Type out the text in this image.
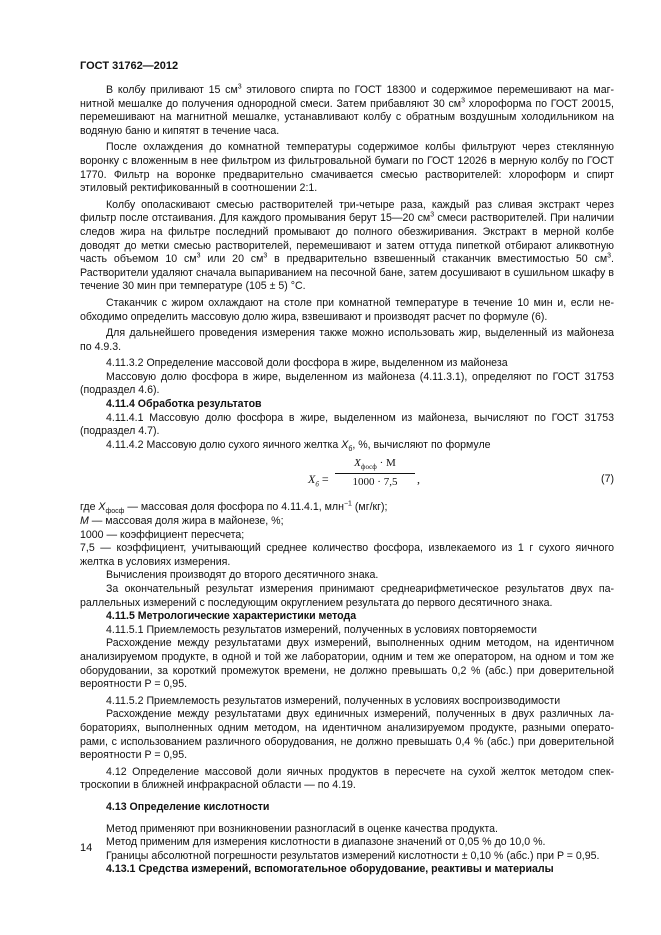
ГОСТ 31762—2012

В колбу приливают 15 $см^3$ этилового спирта по ГОСТ 18300 и содержимое перемешивают на магнитной мешалке до получения однородной смеси. Затем прибавляют 30 $см^3$ хлороформа по ГОСТ 20015, перемешивают на магнитной мешалке, устанавливают колбу с обратным воздушным холодильником на водяную баню и кипятят в течение часа.

После охлаждения до комнатной температуры содержимое колбы фильтруют через стеклянную воронку с вложенным в нее фильтром из фильтровальной бумаги по ГОСТ 12026 в мерную колбу по ГОСТ 1770. Фильтр на воронке предварительно смачивается смесью растворителей: хлороформ и спирт этиловый ректификованный в соотношении 2:1.

Колбу ополаскивают смесью растворителей три-четыре раза, каждый раз сливая экстракт через фильтр после отстаивания. Для каждого промывания берут 15—20 $см^3$ смеси растворителей. При наличии следов жира на фильтре последний промывают до полного обезжиривания. Экстракт в мерной колбе доводят до метки смесью растворителей, перемешивают и затем оттуда пипеткой отбирают аликвотную часть объемом 10 $см^3$ или 20 $см^3$ в предварительно взвешенный стаканчик вместимостью 50 $см^3$. Растворители удаляют сначала выпариванием на песочной бане, затем досушивают в сушильном шкафу в течение 30 мин при температуре (105 ± 5) °С.

Стаканчик с жиром охлаждают на столе при комнатной температуре в течение 10 мин и, если необходимо определить массовую долю жира, взвешивают и производят расчет по формуле (6).

Для дальнейшего проведения измерения также можно использовать жир, выделенный из майонеза по 4.9.3.

4.11.3.2 Определение массовой доли фосфора в жире, выделенном из майонеза

Массовую долю фосфора в жире, выделенном из майонеза (4.11.3.1), определяют по ГОСТ 31753 (подраздел 4.6).

4.11.4 Обработка результатов

4.11.4.1 Массовую долю фосфора в жире, выделенном из майонеза, вычисляют по ГОСТ 31753 (подраздел 4.7).

4.11.4.2 Массовую долю сухого яичного желтка $X_б$, %, вычисляют по формуле

$X_б$ =
$X_{фосф} \cdot M$
1000 · 7,5	,	(7)

где $X_{фосф}$ — массовая доля фосфора по 4.11.4.1, млн$^{-1}$ (мг/кг);

M — массовая доля жира в майонезе, %;

1000 — коэффициент пересчета;

7,5 — коэффициент, учитывающий среднее количество фосфора, извлекаемого из 1 г сухого яичного желтка в условиях измерения.

Вычисления производят до второго десятичного знака.

За окончательный результат измерения принимают среднеарифметическое результатов двух параллельных измерений с последующим округлением результата до первого десятичного знака.

4.11.5 Метрологические характеристики метода

4.11.5.1 Приемлемость результатов измерений, полученных в условиях повторяемости

Расхождение между результатами двух измерений, выполненных одним методом, на идентичном анализируемом продукте, в одной и той же лаборатории, одним и тем же оператором, на одном и том же оборудовании, за короткий промежуток времени, не должно превышать 0,2 % (абс.) при доверительной вероятности P = 0,95.

4.11.5.2 Приемлемость результатов измерений, полученных в условиях воспроизводимости

Расхождение между результатами двух единичных измерений, полученных в двух различных лабораториях, выполненных одним методом, на идентичном анализируемом продукте, разными операторами, с использованием различного оборудования, не должно превышать 0,4 % (абс.) при доверительной вероятности P = 0,95.

4.12 Определение массовой доли яичных продуктов в пересчете на сухой желток методом спектроскопии в ближней инфракрасной области — по 4.19.

4.13 Определение кислотности

Метод применяют при возникновении разногласий в оценке качества продукта.

Метод применим для измерения кислотности в диапазоне значений от 0,05 % до 10,0 %.

Границы абсолютной погрешности результатов измерений кислотности ± 0,10 % (абс.) при P = 0,95.

4.13.1 Средства измерений, вспомогательное оборудование, реактивы и материалы

14
